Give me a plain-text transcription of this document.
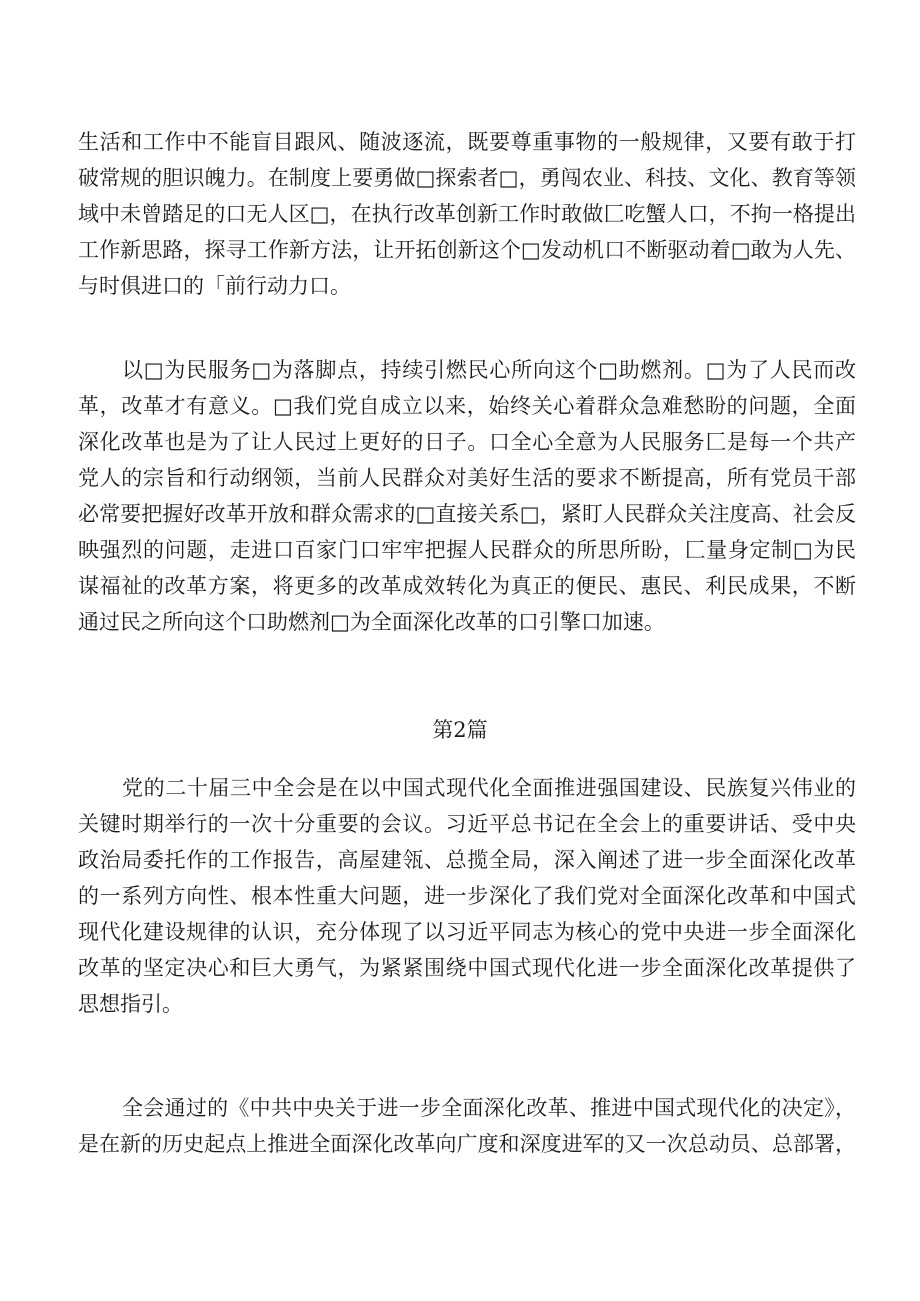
生活和工作中不能盲目跟风、随波逐流，既要尊重事物的一般规律，又要有敢于打
破常规的胆识魄力。在制度上要勇做□探索者□，勇闯农业、科技、文化、教育等领
域中未曾踏足的口无人区□，在执行改革创新工作时敢做匚吃蟹人口，不拘一格提出
工作新思路，探寻工作新方法，让开拓创新这个□发动机口不断驱动着□敢为人先、
与时俱进口的「前行动力口。
以□为民服务□为落脚点，持续引燃民心所向这个□助燃剂。□为了人民而改
革，改革才有意义。□我们党自成立以来，始终关心着群众急难愁盼的问题，全面
深化改革也是为了让人民过上更好的日子。口全心全意为人民服务匚是每一个共产
党人的宗旨和行动纲领，当前人民群众对美好生活的要求不断提高，所有党员干部
必常要把握好改革开放和群众需求的□直接关系□，紧盯人民群众关注度高、社会反
映强烈的问题，走进口百家门口牢牢把握人民群众的所思所盼，匚量身定制□为民
谋福祉的改革方案，将更多的改革成效转化为真正的便民、惠民、利民成果，不断
通过民之所向这个口助燃剂□为全面深化改革的口引擎口加速。
第2篇
党的二十届三中全会是在以中国式现代化全面推进强国建设、民族复兴伟业的
关键时期举行的一次十分重要的会议。习近平总书记在全会上的重要讲话、受中央
政治局委托作的工作报告，高屋建瓴、总揽全局，深入阐述了进一步全面深化改革
的一系列方向性、根本性重大问题，进一步深化了我们党对全面深化改革和中国式
现代化建设规律的认识，充分体现了以习近平同志为核心的党中央进一步全面深化
改革的坚定决心和巨大勇气，为紧紧围绕中国式现代化进一步全面深化改革提供了
思想指引。
全会通过的《中共中央关于进一步全面深化改革、推进中国式现代化的决定》，
是在新的历史起点上推进全面深化改革向广度和深度进军的又一次总动员、总部署，
